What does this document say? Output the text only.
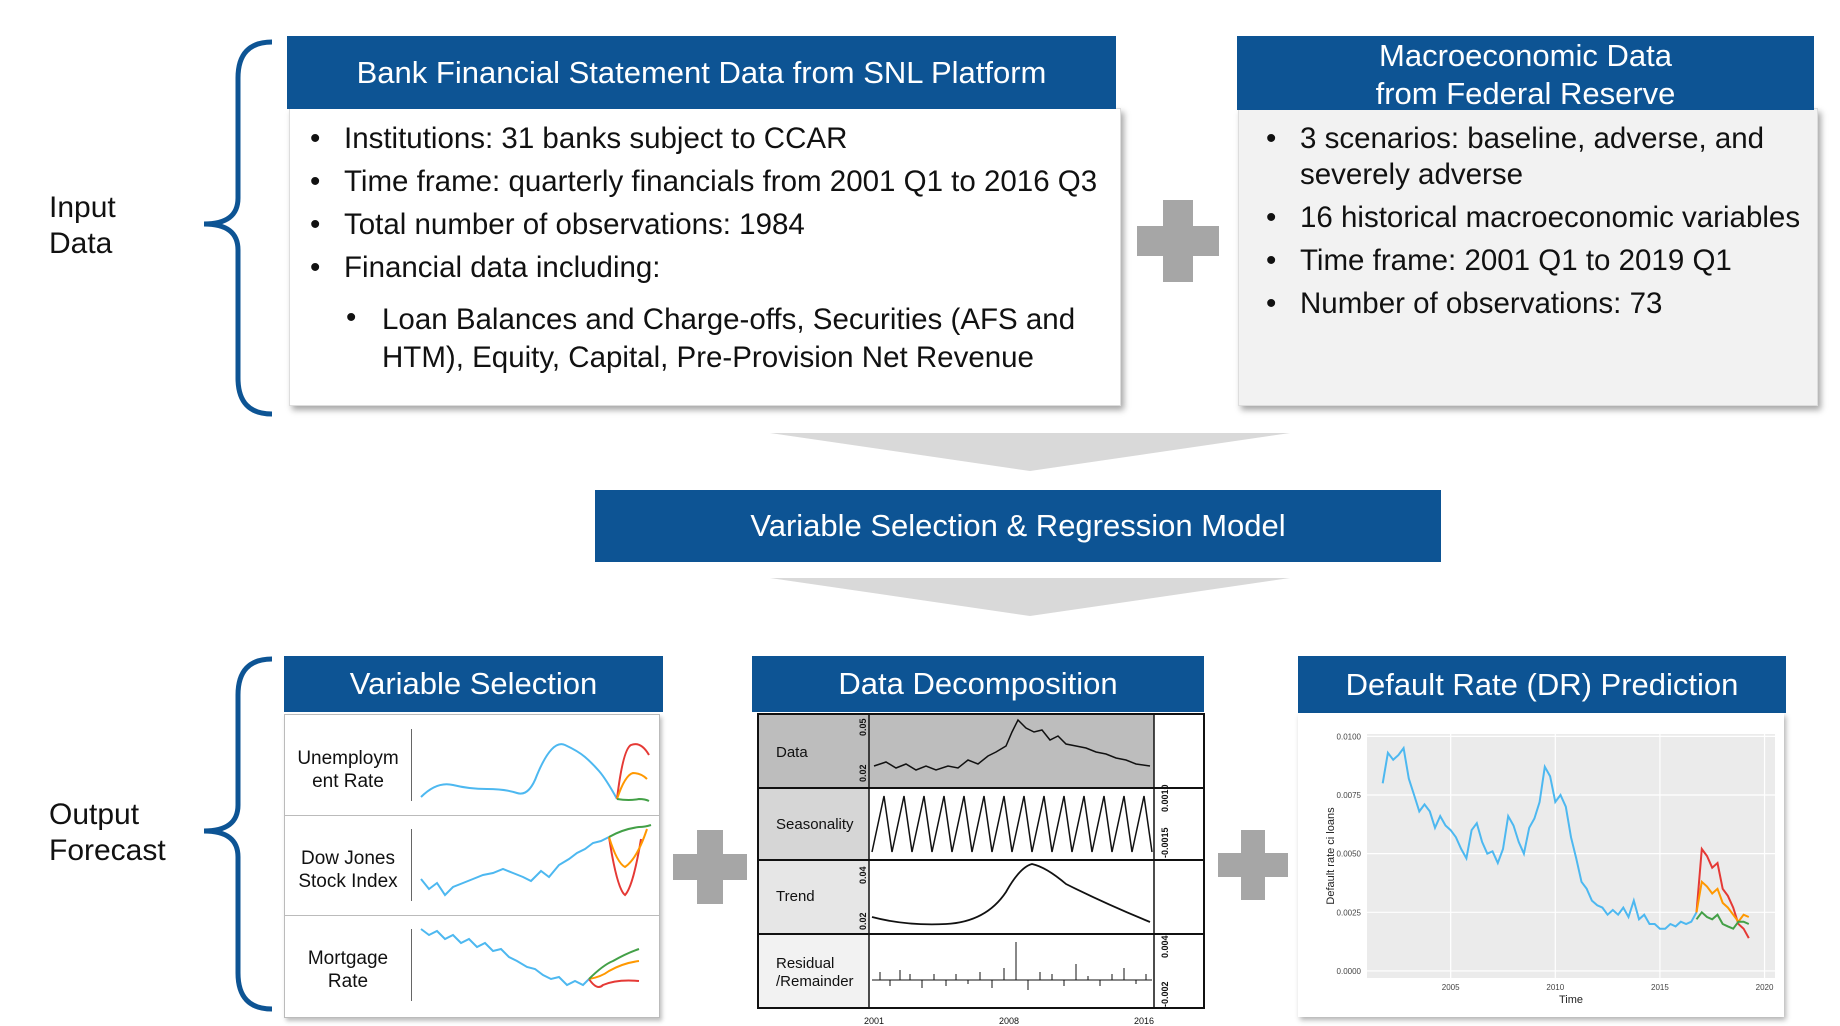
Input
Data
Output
Forecast
• Institutions: 31 banks subject to CCAR
• Time frame: quarterly financials from 2001 Q1 to 2016 Q3
• Total number of observations: 1984
• Financial data including:
• Loan Balances and Charge-offs, Securities (AFS and
HTM), Equity, Capital, Pre-Provision Net Revenue
Bank Financial Statement Data from SNL Platform
• 3 scenarios: baseline, adverse, and
severely adverse
• 16 historical macroeconomic variables
• Time frame: 2001 Q1 to 2019 Q1
• Number of observations: 73
Macroeconomic Data
from Federal Reserve
Variable Selection & Regression Model
Variable Selection
Unemploym
ent Rate
Dow Jones
Stock Index
Mortgage
Rate
Data Decomposition
Data
Seasonality
Trend
Residual
/Remainder
0.02
0.05
-0.0015
0.0010
0.02
0.04
-0.002
0.004
2001	2008	2016
Default Rate (DR) Prediction
0.0000
0.0025
0.0050
0.0075
0.0100
2005	2010	2015	2020
Default rate ci loans
Time
